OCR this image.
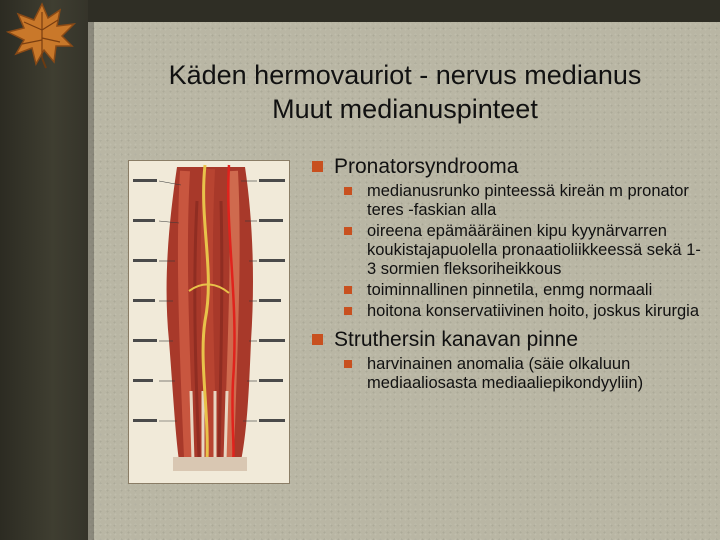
Käden hermovauriot - nervus medianus
Muut medianuspinteet
Pronatorsyndrooma
medianusrunko pinteessä kireän m pronator teres -faskian alla
oireena epämääräinen kipu kyynärvarren koukistajapuolella pronaatioliikkeessä sekä 1-3 sormien fleksoriheikkous
toiminnallinen pinnetila, enmg normaali
hoitona konservatiivinen hoito, joskus kirurgia
Struthersin kanavan pinne
harvinainen anomalia (säie olkaluun mediaaliosasta mediaaliepikondyyliin)
